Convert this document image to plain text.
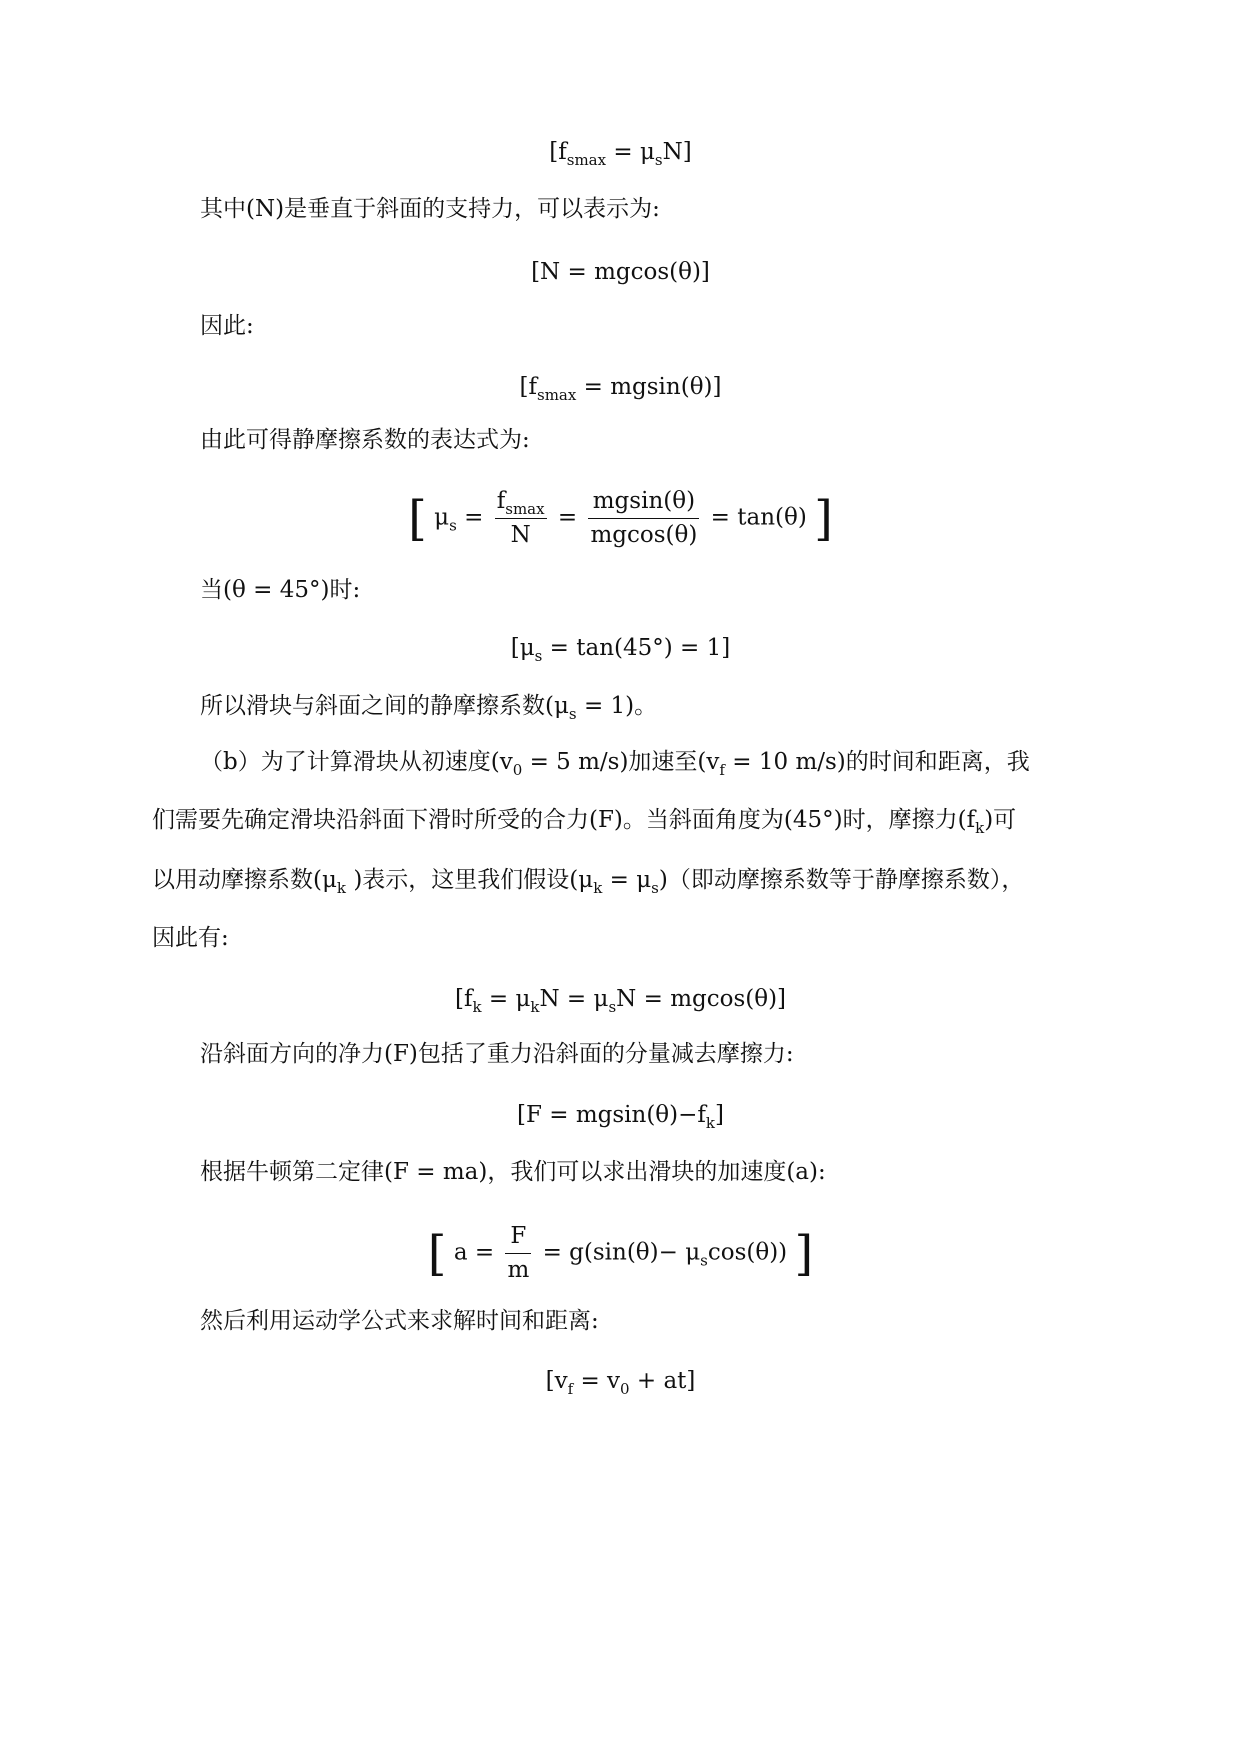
$[f_{smax} = \mu_sN]$
其中(N)是垂直于斜面的支持力，可以表示为:
[N = mgcos(θ)]
因此:
$[f_{smax} = mgsin(\theta)]$
由此可得静摩擦系数的表达式为:
[ $\mu_s = \frac{f_{smax}}{N} = \frac{mgsin(\theta)}{mgcos(\theta)} = \tan(\theta)$ ]
当(θ = 45°)时:
$[\mu_s = \tan(45^\circ) = 1]$
所以滑块与斜面之间的静摩擦系数$(\mu_s = 1)$。
（b）为了计算滑块从初速度($v_0 = 5$ m/s)加速至($v_f = 10$ m/s)的时间和距离，我
们需要先确定滑块沿斜面下滑时所受的合力(F)。当斜面角度为(45°)时，摩擦力$(f_k)$可
以用动摩擦系数($\mu_k$ )表示，这里我们假设$(\mu_k = \mu_s)$（即动摩擦系数等于静摩擦系数），
因此有:
$[f_k = \mu_kN = \mu_sN = mgcos(\theta)]$
沿斜面方向的净力(F)包括了重力沿斜面的分量减去摩擦力:
$[F = mgsin(\theta)-f_k]$
根据牛顿第二定律(F = ma)，我们可以求出滑块的加速度(a):
[ $a = \frac{F}{m} = g(\sin(\theta)- \mu_s\cos(\theta))$ ]
然后利用运动学公式来求解时间和距离:
$[v_f = v_0 + at]$
